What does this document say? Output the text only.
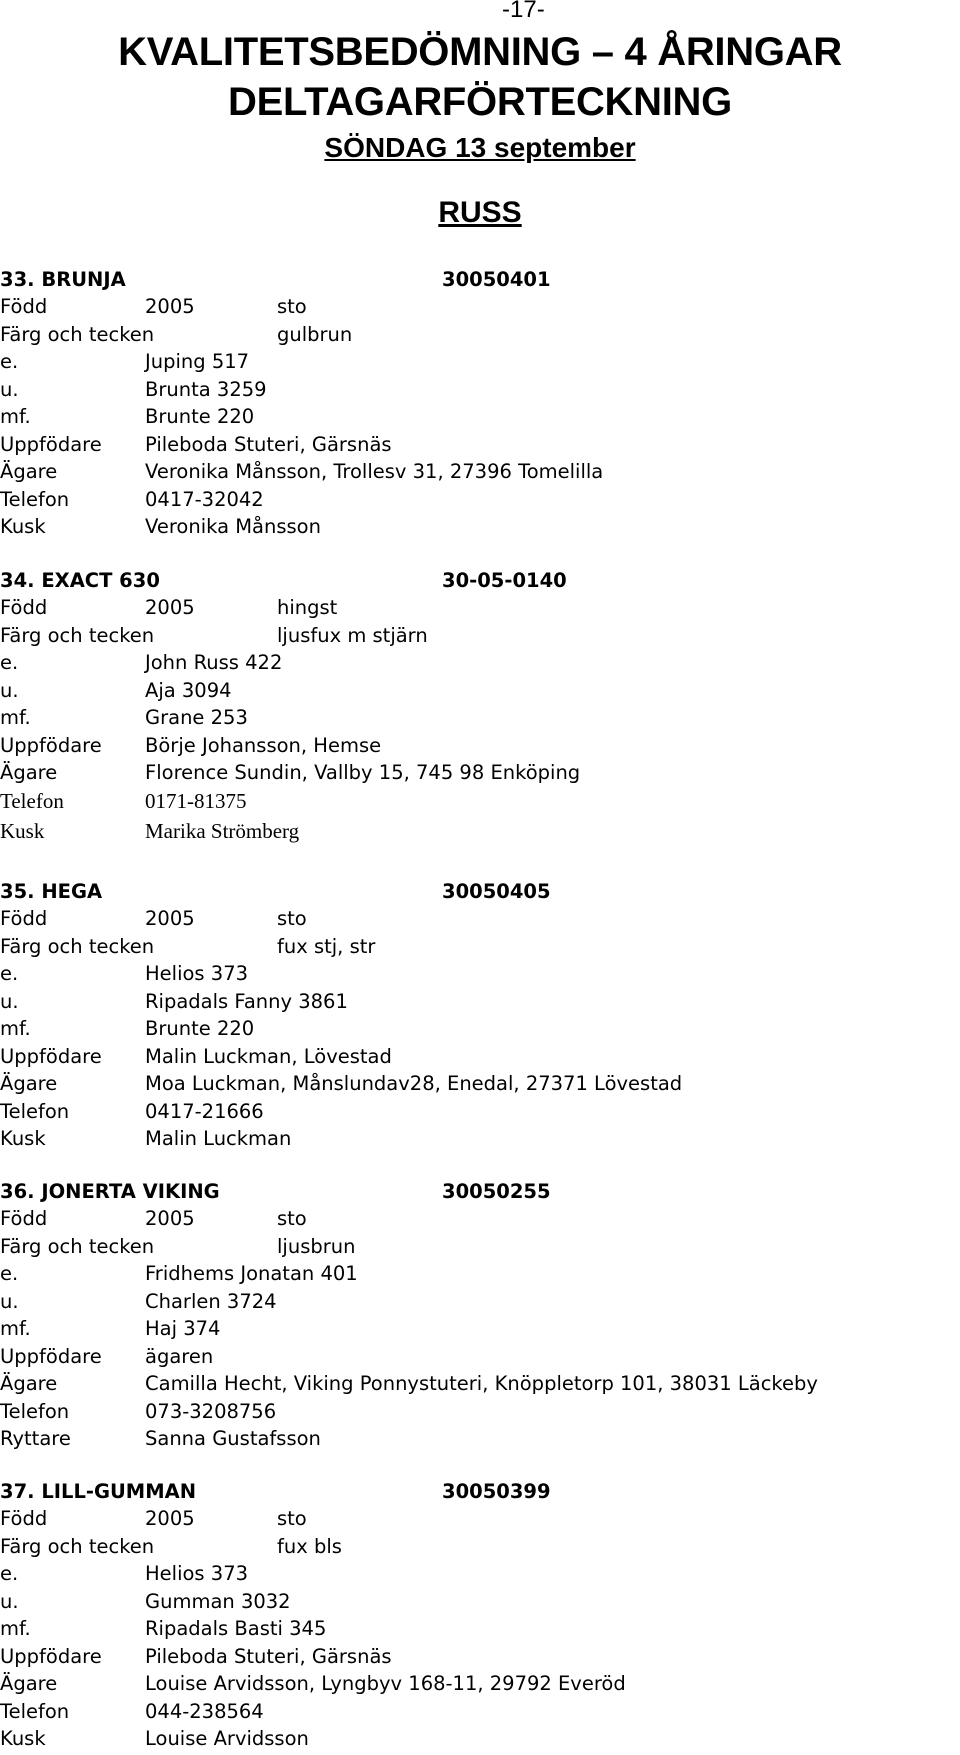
-17-
KVALITETSBEDÖMNING – 4 ÅRINGAR
DELTAGARFÖRTECKNING
SÖNDAG 13 september
RUSS
33. BRUNJA	30050401
Född	2005	sto
Färg och tecken	gulbrun
e.	Juping 517
u.	Brunta 3259
mf.	Brunte 220
Uppfödare Pileboda Stuteri, Gärsnäs
Ägare	Veronika Månsson, Trollesv 31, 27396 Tomelilla
Telefon	0417-32042
Kusk	Veronika Månsson
34. EXACT 630	30-05-0140
Född	2005	hingst
Färg och tecken	ljusfux m stjärn
e.	John Russ 422
u.	Aja 3094
mf.	Grane 253
Uppfödare Börje Johansson, Hemse
Ägare	Florence Sundin, Vallby 15, 745 98 Enköping
Telefon	0171-81375
Kusk	Marika Strömberg
35. HEGA	30050405
Född	2005	sto
Färg och tecken	fux stj, str
e.	Helios 373
u.	Ripadals Fanny 3861
mf.	Brunte 220
Uppfödare Malin Luckman, Lövestad
Ägare	Moa Luckman, Månslundav28, Enedal, 27371 Lövestad
Telefon	0417-21666
Kusk	Malin Luckman
36. JONERTA VIKING	30050255
Född	2005	sto
Färg och tecken	ljusbrun
e.	Fridhems Jonatan 401
u.	Charlen 3724
mf.	Haj 374
Uppfödare ägaren
Ägare	Camilla Hecht, Viking Ponnystuteri, Knöppletorp 101, 38031 Läckeby
Telefon	073-3208756
Ryttare	Sanna Gustafsson
37. LILL-GUMMAN	30050399
Född	2005	sto
Färg och tecken	fux bls
e.	Helios 373
u.	Gumman 3032
mf.	Ripadals Basti 345
Uppfödare Pileboda Stuteri, Gärsnäs
Ägare	Louise Arvidsson, Lyngbyv 168-11, 29792 Everöd
Telefon	044-238564
Kusk	Louise Arvidsson
